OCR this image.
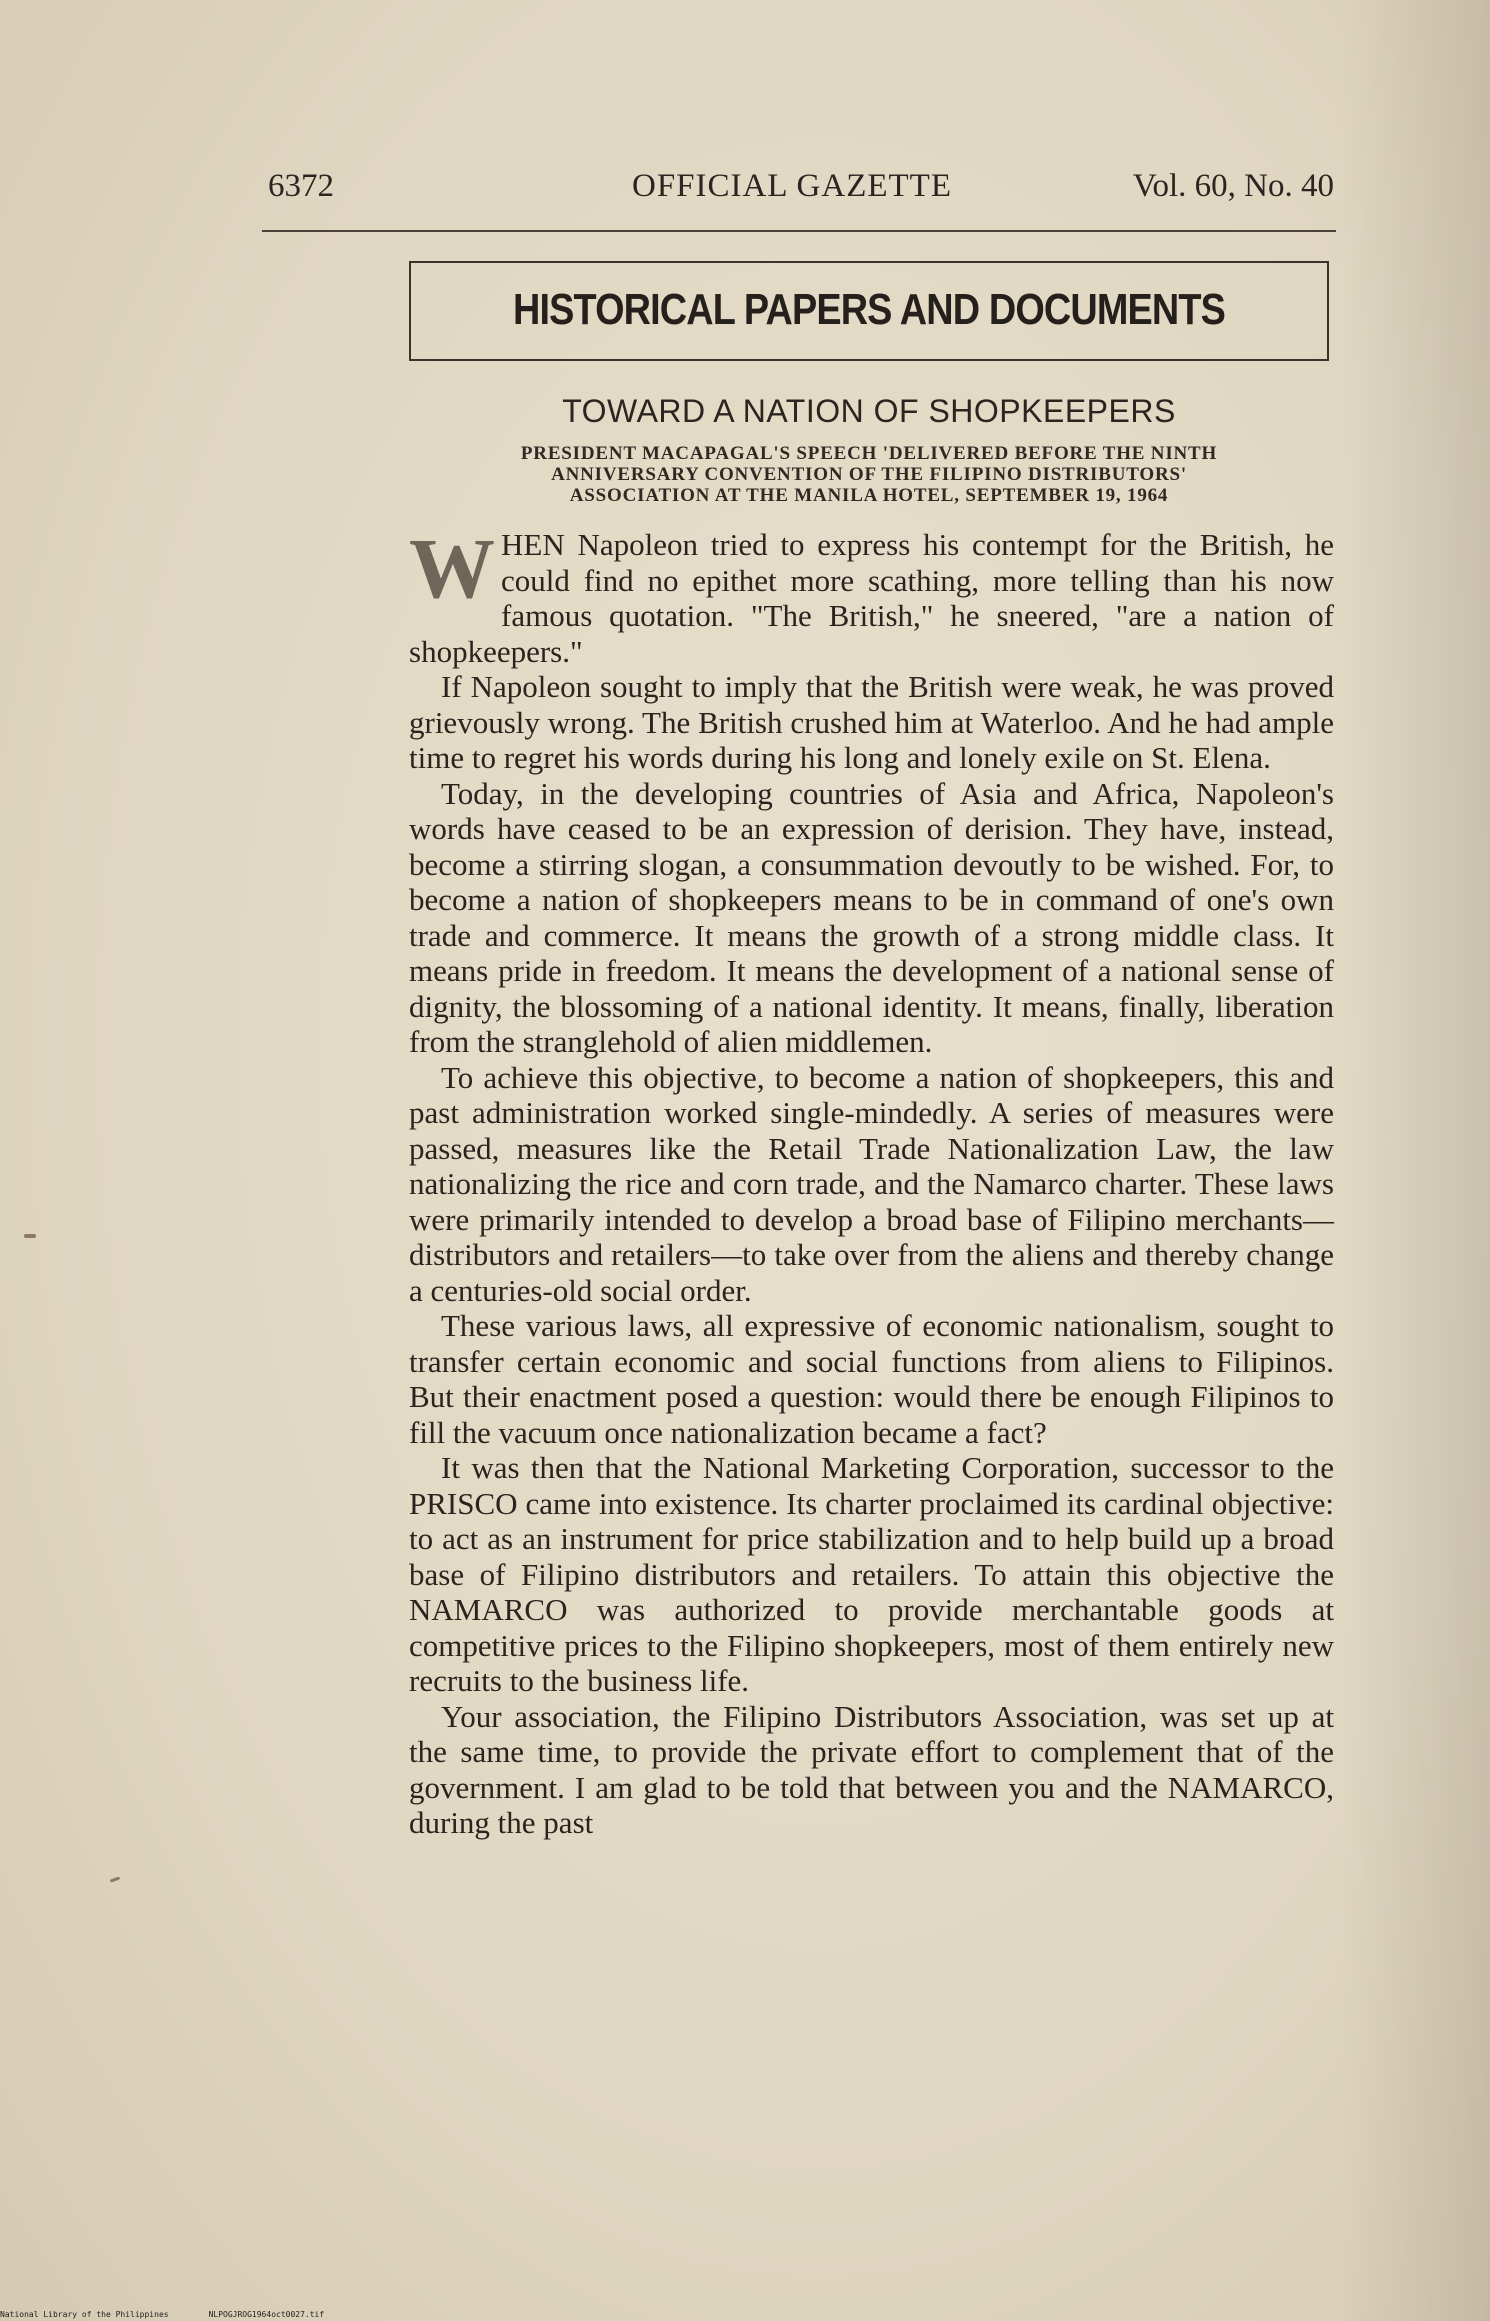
6372	OFFICIAL GAZETTE	Vol. 60, No. 40
HISTORICAL PAPERS AND DOCUMENTS
TOWARD A NATION OF SHOPKEEPERS
PRESIDENT MACAPAGAL'S SPEECH 'DELIVERED BEFORE THE NINTH
ANNIVERSARY CONVENTION OF THE FILIPINO DISTRIBUTORS'
ASSOCIATION AT THE MANILA HOTEL, SEPTEMBER 19, 1964

WHEN Napoleon tried to express his contempt for the British, he could find no epithet more scathing, more telling than his now famous quotation. "The British," he sneered, "are a nation of shopkeepers."

If Napoleon sought to imply that the British were weak, he was proved grievously wrong. The British crushed him at Waterloo. And he had ample time to regret his words during his long and lonely exile on St. Elena.

Today, in the developing countries of Asia and Africa, Napoleon's words have ceased to be an expression of derision. They have, instead, become a stirring slogan, a consummation devoutly to be wished. For, to become a nation of shopkeepers means to be in command of one's own trade and commerce. It means the growth of a strong middle class. It means pride in freedom. It means the development of a national sense of dignity, the blossoming of a national identity. It means, finally, liberation from the stranglehold of alien middlemen.

To achieve this objective, to become a nation of shopkeepers, this and past administration worked single-mindedly. A series of measures were passed, measures like the Retail Trade Nationalization Law, the law nationalizing the rice and corn trade, and the Namarco charter. These laws were primarily intended to develop a broad base of Filipino merchants—distributors and retailers—to take over from the aliens and thereby change a centuries-old social order.

These various laws, all expressive of economic nationalism, sought to transfer certain economic and social functions from aliens to Filipinos. But their enactment posed a question: would there be enough Filipinos to fill the vacuum once nationalization became a fact?

It was then that the National Marketing Corporation, successor to the PRISCO came into existence. Its charter proclaimed its cardinal objective: to act as an instrument for price stabilization and to help build up a broad base of Filipino distributors and retailers. To attain this objective the NAMARCO was authorized to provide merchantable goods at competitive prices to the Filipino shopkeepers, most of them entirely new recruits to the business life.

Your association, the Filipino Distributors Association, was set up at the same time, to provide the private effort to complement that of the government. I am glad to be told that between you and the NAMARCO, during the past

National Library of the Philippines	NLPOGJROG1964oct0027.tif
